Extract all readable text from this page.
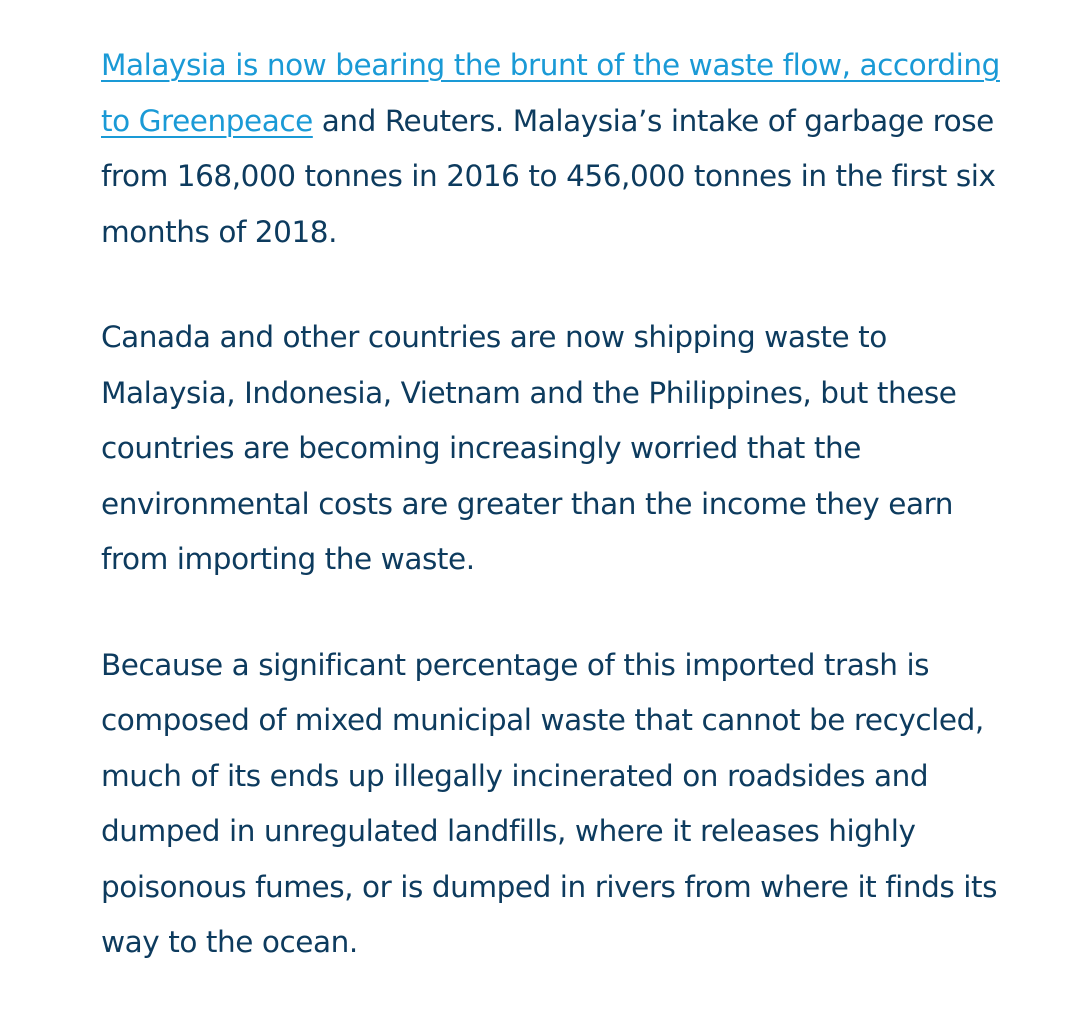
Malaysia is now bearing the brunt of the waste flow, according to Greenpeace and Reuters. Malaysia’s intake of garbage rose from 168,000 tonnes in 2016 to 456,000 tonnes in the first six months of 2018.

Canada and other countries are now shipping waste to Malaysia, Indonesia, Vietnam and the Philippines, but these countries are becoming increasingly worried that the environmental costs are greater than the income they earn from importing the waste.

Because a significant percentage of this imported trash is composed of mixed municipal waste that cannot be recycled, much of its ends up illegally incinerated on roadsides and dumped in unregulated landfills, where it releases highly poisonous fumes, or is dumped in rivers from where it finds its way to the ocean.
